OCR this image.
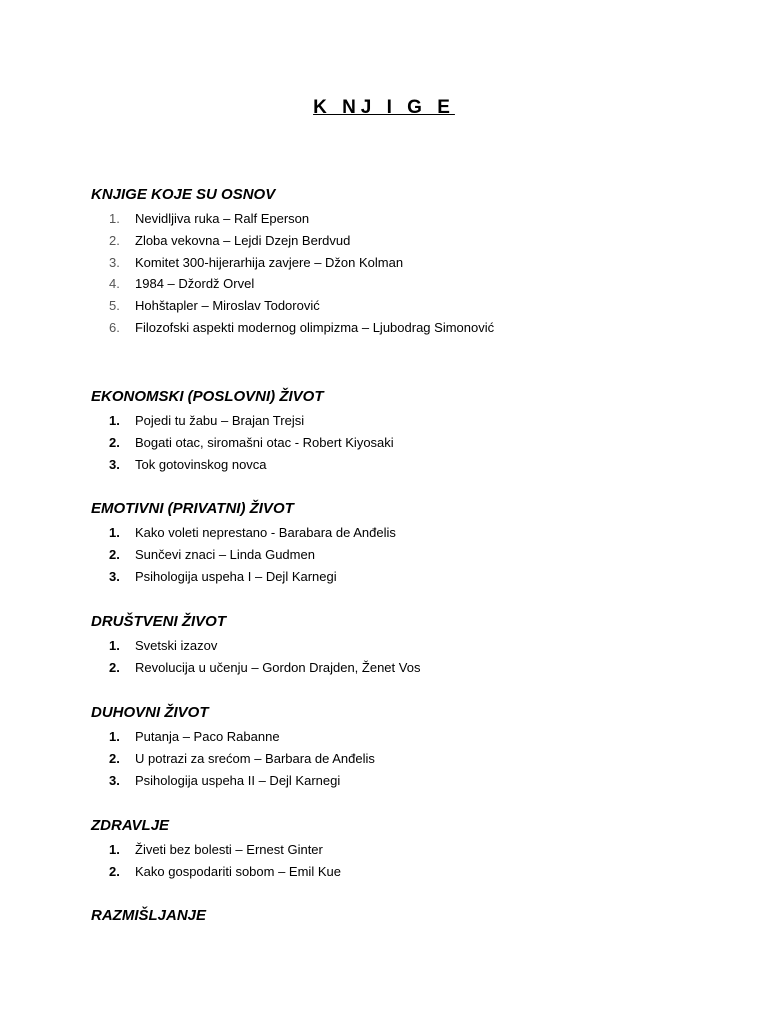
K NJ I G E
KNJIGE KOJE SU OSNOV
1.	Nevidljiva ruka – Ralf Eperson
2.	Zloba vekovna – Lejdi Dzejn Berdvud
3.	Komitet 300-hijerarhija zavjere – Džon Kolman
4.	1984 – Džordž Orvel
5.	Hohštapler – Miroslav Todorović
6.	Filozofski aspekti modernog olimpizma – Ljubodrag Simonović
EKONOMSKI (POSLOVNI) ŽIVOT
1.	Pojedi tu žabu – Brajan Trejsi
2.	Bogati otac, siromašni otac - Robert Kiyosaki
3.	Tok gotovinskog novca
EMOTIVNI (PRIVATNI) ŽIVOT
1.	Kako voleti neprestano - Barabara de Anđelis
2.	Sunčevi znaci – Linda Gudmen
3.	Psihologija uspeha I – Dejl Karnegi
DRUŠTVENI ŽIVOT
1.	Svetski izazov
2.	Revolucija u učenju – Gordon Drajden, Ženet Vos
DUHOVNI ŽIVOT
1.	Putanja – Paco Rabanne
2.	U potrazi za srećom – Barbara de Anđelis
3.	Psihologija uspeha II – Dejl Karnegi
ZDRAVLJE
1.	Živeti bez bolesti – Ernest Ginter
2.	Kako gospodariti sobom – Emil Kue
RAZMIŠLJANJE
